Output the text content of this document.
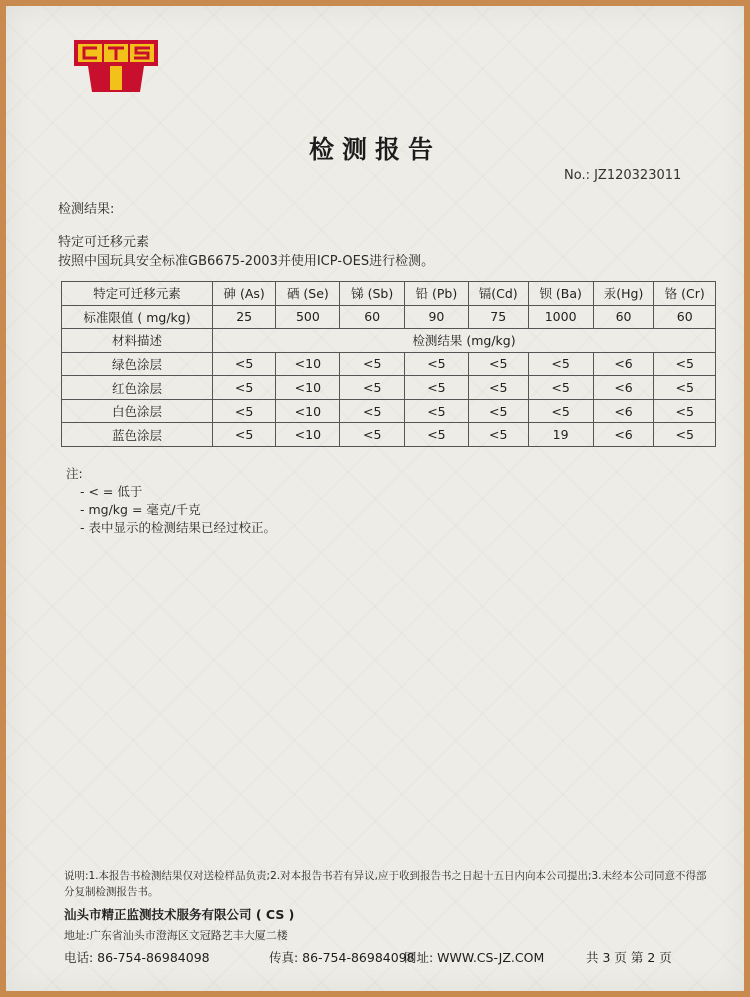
检测报告
No.: JZ120323011
检测结果:
特定可迁移元素
按照中国玩具安全标准GB6675-2003并使用ICP-OES进行检测。
特定可迁移元素	砷 (As)	硒 (Se)	锑 (Sb)	铅 (Pb)	镉(Cd)	钡 (Ba)	汞(Hg)	铬 (Cr)
标准限值 ( mg/kg)	25	500	60	90	75	1000	60	60
材料描述	检测结果 (mg/kg)							
绿色涂层	<5	<10	<5	<5	<5	<5	<6	<5
红色涂层	<5	<10	<5	<5	<5	<5	<6	<5
白色涂层	<5	<10	<5	<5	<5	<5	<6	<5
蓝色涂层	<5	<10	<5	<5	<5	19	<6	<5
注:
- < = 低于
- mg/kg = 毫克/千克
- 表中显示的检测结果已经过校正。
说明:1.本报告书检测结果仅对送检样品负责;2.对本报告书若有异议,应于收到报告书之日起十五日内向本公司提出;3.未经本公司同意不得部分复制检测报告书。
汕头市精正监测技术服务有限公司 ( CS )
地址:广东省汕头市澄海区文冠路艺丰大厦二楼
电话: 86-754-86984098	传真: 86-754-86984098
网址: WWW.CS-JZ.COM	共 3 页 第 2 页
